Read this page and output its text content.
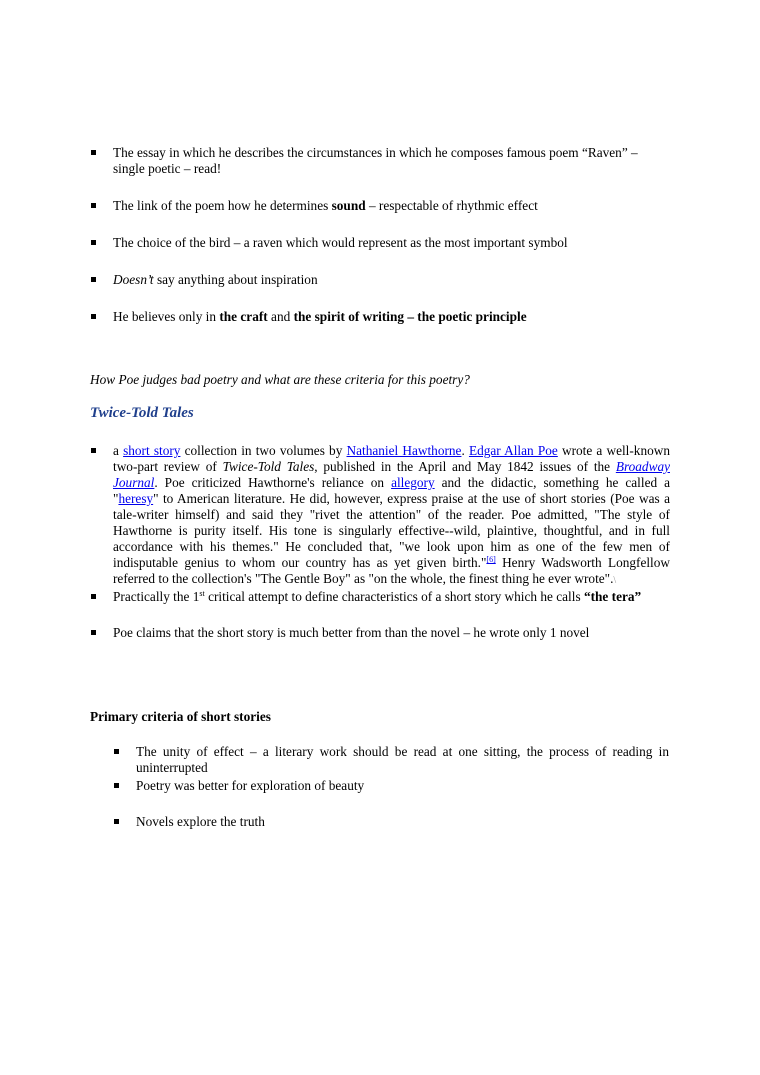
The essay in which he describes the circumstances in which he composes famous poem “Raven” – single poetic – read!
The link of the poem how he determines sound – respectable of rhythmic effect
The choice of the bird – a raven which would represent as the most important symbol
Doesn’t say anything about inspiration
He believes only in the craft and the spirit of writing – the poetic principle
How Poe judges bad poetry and what are these criteria for this poetry?
Twice-Told Tales
a short story collection in two volumes by Nathaniel Hawthorne. Edgar Allan Poe wrote a well-known two-part review of Twice-Told Tales, published in the April and May 1842 issues of the Broadway Journal. Poe criticized Hawthorne's reliance on allegory and the didactic, something he called a "heresy" to American literature. He did, however, express praise at the use of short stories (Poe was a tale-writer himself) and said they "rivet the attention" of the reader. Poe admitted, "The style of Hawthorne is purity itself. His tone is singularly effective--wild, plaintive, thoughtful, and in full accordance with his themes." He concluded that, "we look upon him as one of the few men of indisputable genius to whom our country has as yet given birth."[6] Henry Wadsworth Longfellow referred to the collection's "The Gentle Boy" as "on the whole, the finest thing he ever wrote".\
Practically the 1st critical attempt to define characteristics of a short story which he calls “the tera”
Poe claims that the short story is much better from than the novel – he wrote only 1 novel
Primary criteria of short stories
The unity of effect – a literary work should be read at one sitting, the process of reading in uninterrupted
Poetry was better for exploration of beauty
Novels explore the truth
